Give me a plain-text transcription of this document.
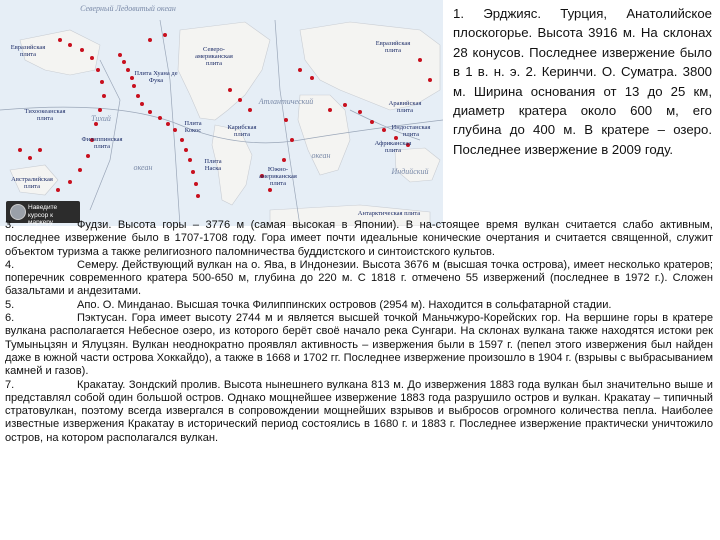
Северный Ледовитый океан
Евразийская плита
Северо-американская плита
Евразийская плита
Плита Хуана де Фука
Атлантический
Тихий
Филиппинская плита
Плита Кокос
Аравийская плита
Индостанская плита
Африканская плита
Тихоокеанская плита
Карибская плита
Плита Наска	Южно-американская плита
Индийский
океан
океан
Австралийская плита
Антарктическая плита
Наведите курсор к маркеру

1. Эрджияс. Турция, Анатолийское плоскогорье. Высота 3916 м. На склонах 28 конусов. Последнее извержение было в 1 в. н. э. 2. Керинчи. О. Суматра. 3800 м. Ширина основания от 13 до 25 км, диаметр кратера около 600 м, его глубина до 400 м. В кратере – озеро. Последнее извержение в 2009 году.

3.	Фудзи. Высота горы – 3776 м (самая высокая в Японии). В на-стоящее время вулкан считается слабо активным, последнее извержение было в 1707-1708 году. Гора имеет почти идеальные конические очертания и считается священной, служит объектом туризма а также религиозного паломничества буддистского и синтоистского культов.

4.	Семеру. Действующий вулкан на о. Ява, в Индонезии. Высота 3676 м (высшая точка острова), имеет несколько кратеров; поперечник современного кратера 500-650 м, глубина до 220 м. С 1818 г. отмечено 55 извержений (последнее в 1972 г.). Сложен базальтами и андезитами.

5.	Апо. О. Минданао. Высшая точка Филиппинских островов (2954 м). Находится в сольфатарной стадии.

6.	Пэктусан. Гора имеет высоту 2744 м и является высшей точкой Маньчжуро-Корейских гор. На вершине горы в кратере вулкана располагается Небесное озеро, из которого берёт своё начало река Сунгари. На склонах вулкана также находятся истоки рек Тумыньцзян и Ялуцзян. Вулкан неоднократно проявлял активность – извержения были в 1597 г. (пепел этого извержения был найден даже в южной части острова Хоккайдо), а также в 1668 и 1702 гг. Последнее извержение произошло в 1904 г. (взрывы с выбрасыванием камней и газов).

7.	Кракатау. Зондский пролив. Высота нынешнего вулкана 813 м. До извержения 1883 года вулкан был значительно выше и представлял собой один большой остров. Однако мощнейшее извержение 1883 года разрушило остров и вулкан. Кракатау – типичный стратовулкан, поэтому всегда извергался в сопровождении мощнейших взрывов и выбросов огромного количества пепла. Наиболее известные извержения Кракатау в исторический период состоялись в 1680 г. и 1883 г. Последнее извержение практически уничтожило остров, на котором располагался вулкан.
